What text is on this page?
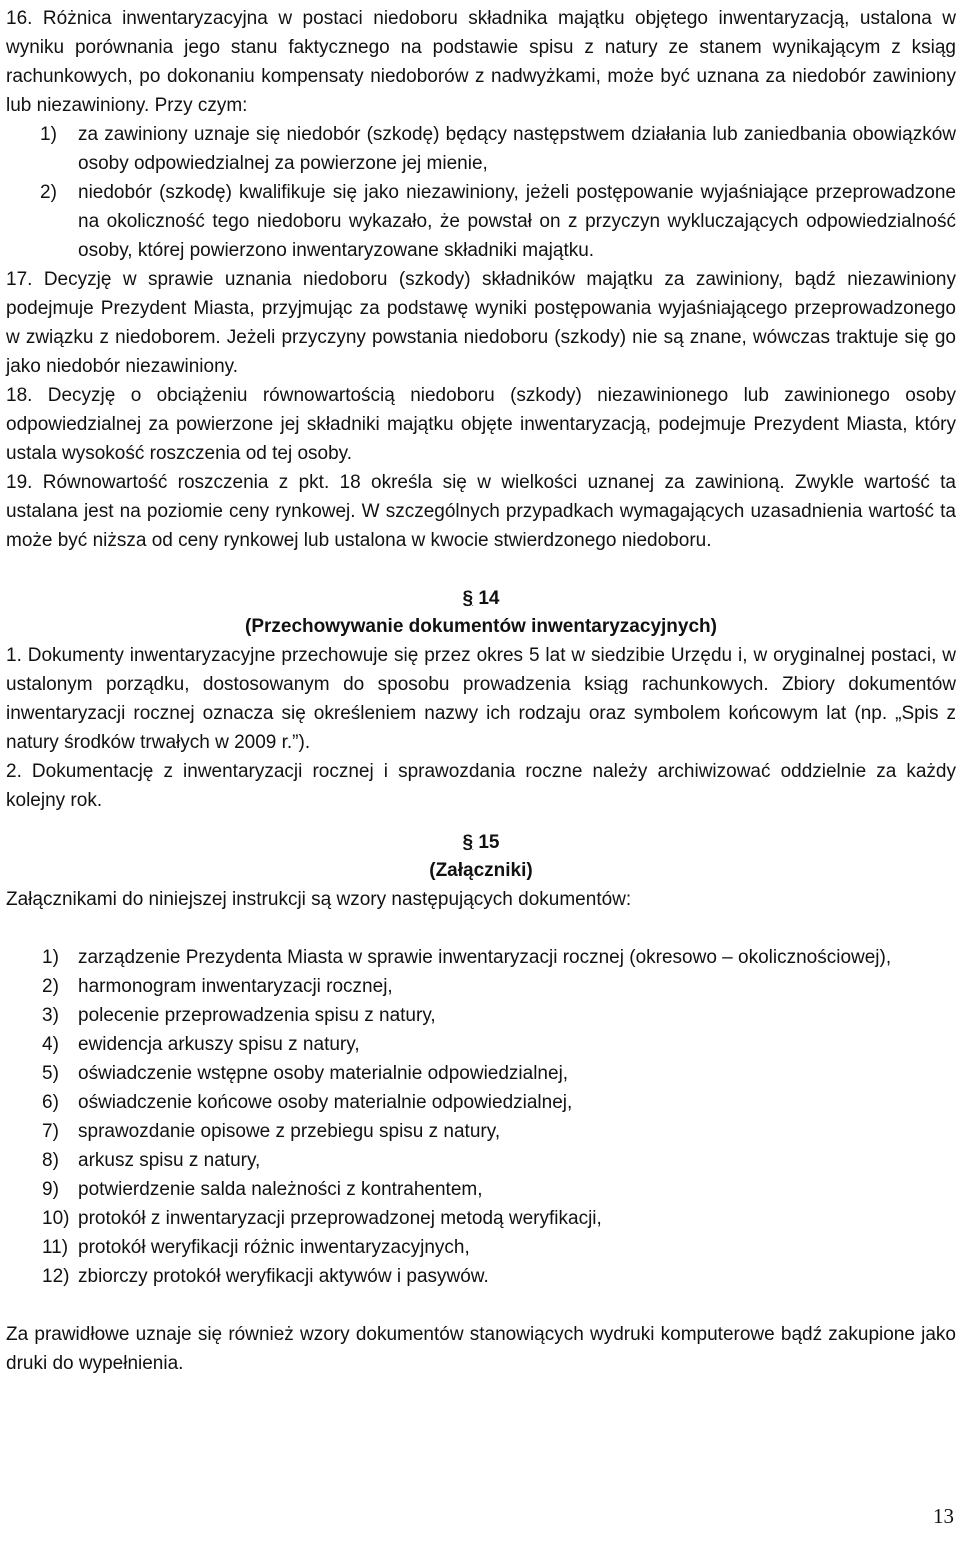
16. Różnica inwentaryzacyjna w postaci niedoboru składnika majątku objętego inwentaryzacją, ustalona w wyniku porównania jego stanu faktycznego na podstawie spisu z natury ze stanem wynikającym z ksiąg rachunkowych, po dokonaniu kompensaty niedoborów z nadwyżkami, może być uznana za niedobór zawiniony lub niezawiniony. Przy czym:

1) za zawiniony uznaje się niedobór (szkodę) będący następstwem działania lub zaniedbania obowiązków osoby odpowiedzialnej za powierzone jej mienie,
2) niedobór (szkodę) kwalifikuje się jako niezawiniony, jeżeli postępowanie wyjaśniające przeprowadzone na okoliczność tego niedoboru wykazało, że powstał on z przyczyn wykluczających odpowiedzialność osoby, której powierzono inwentaryzowane składniki majątku.

17. Decyzję w sprawie uznania niedoboru (szkody) składników majątku za zawiniony, bądź niezawiniony podejmuje Prezydent Miasta, przyjmując za podstawę wyniki postępowania wyjaśniającego przeprowadzonego w związku z niedoborem. Jeżeli przyczyny powstania niedoboru (szkody) nie są znane, wówczas traktuje się go jako niedobór niezawiniony.

18. Decyzję o obciążeniu równowartością niedoboru (szkody) niezawinionego lub zawinionego osoby odpowiedzialnej za powierzone jej składniki majątku objęte inwentaryzacją, podejmuje Prezydent Miasta, który ustala wysokość roszczenia od tej osoby.

19. Równowartość roszczenia z pkt. 18 określa się w wielkości uznanej za zawinioną. Zwykle wartość ta ustalana jest na poziomie ceny rynkowej. W szczególnych przypadkach wymagających uzasadnienia wartość ta może być niższa od ceny rynkowej lub ustalona w kwocie stwierdzonego niedoboru.

§ 14
(Przechowywanie dokumentów inwentaryzacyjnych)

1. Dokumenty inwentaryzacyjne przechowuje się przez okres 5 lat w siedzibie Urzędu i, w oryginalnej postaci, w ustalonym porządku, dostosowanym do sposobu prowadzenia ksiąg rachunkowych. Zbiory dokumentów inwentaryzacji rocznej oznacza się określeniem nazwy ich rodzaju oraz symbolem końcowym lat (np. „Spis z natury środków trwałych w 2009 r.”).

2. Dokumentację z inwentaryzacji rocznej i sprawozdania roczne należy archiwizować oddzielnie za każdy kolejny rok.

§ 15
(Załączniki)

Załącznikami do niniejszej instrukcji są wzory następujących dokumentów:

1) zarządzenie Prezydenta Miasta w sprawie inwentaryzacji rocznej (okresowo – okolicznościowej),
2) harmonogram inwentaryzacji rocznej,
3) polecenie przeprowadzenia spisu z natury,
4) ewidencja arkuszy spisu z natury,
5) oświadczenie wstępne osoby materialnie odpowiedzialnej,
6) oświadczenie końcowe osoby materialnie odpowiedzialnej,
7) sprawozdanie opisowe z przebiegu spisu z natury,
8) arkusz spisu z natury,
9) potwierdzenie salda należności z kontrahentem,
10) protokół z inwentaryzacji przeprowadzonej metodą weryfikacji,
11) protokół weryfikacji różnic inwentaryzacyjnych,
12) zbiorczy protokół weryfikacji aktywów i pasywów.

Za prawidłowe uznaje się również wzory dokumentów stanowiących wydruki komputerowe bądź zakupione jako druki do wypełnienia.

13
